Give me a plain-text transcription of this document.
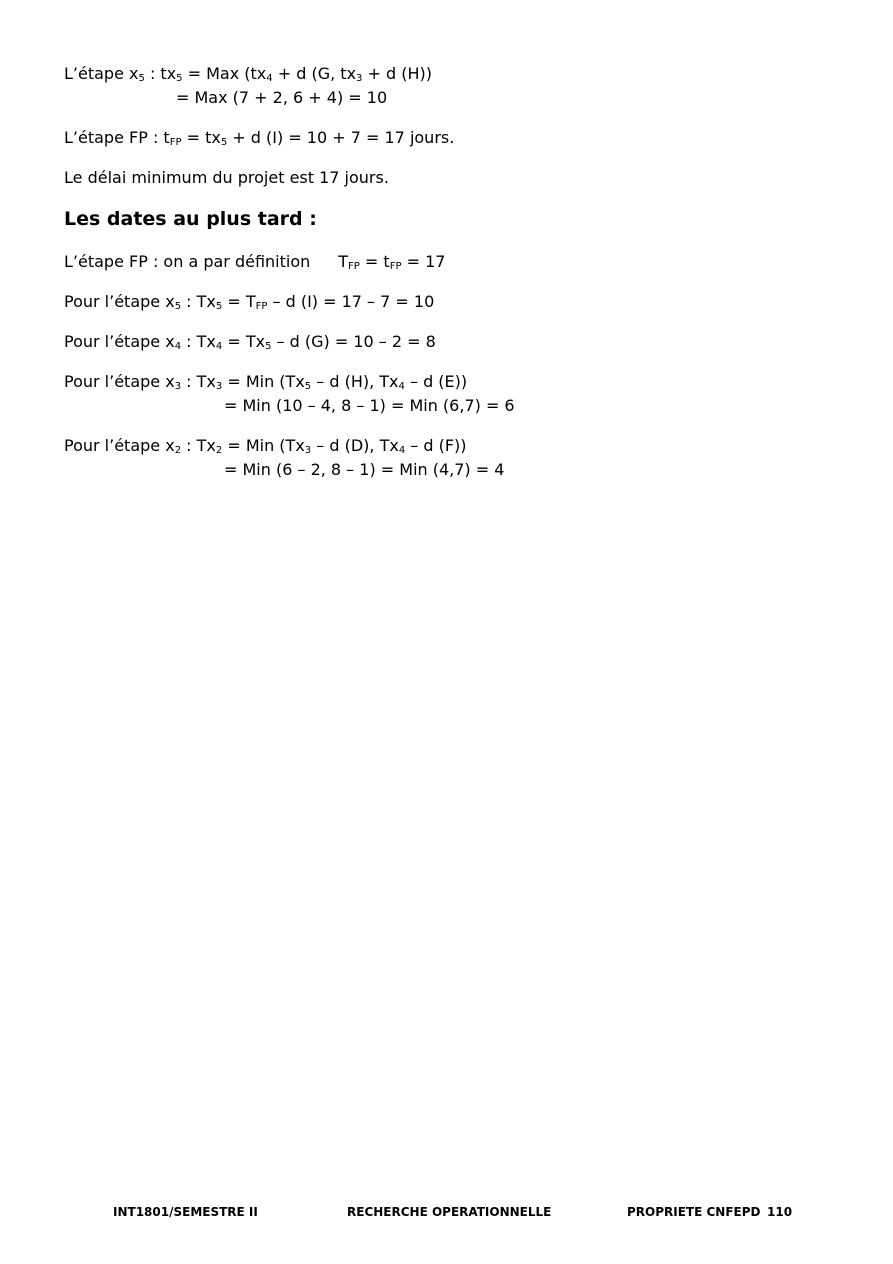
L’étape $x_5$ : $tx_5$ = Max ($tx_4 + d$ (G, $tx_3 + d$ (H))
= Max (7 + 2, 6 + 4) = 10
L’étape FP : $t_{FP} = tx_5 + d$ (I) = 10 + 7 = 17 jours.
Le délai minimum du projet est 17 jours.
Les dates au plus tard :
L’étape FP : on a par définition $T_{FP} = t_{FP} = 17$
Pour l’étape $x_5$ : $Tx_5 = T_{FP} - d$ (I) = 17 – 7 = 10
Pour l’étape $x_4$ : $Tx_4 = Tx_5 - d$ (G) = 10 – 2 = 8
Pour l’étape $x_3$ : $Tx_3$ = Min ($Tx_5$ – d (H), $Tx_4$ – d (E))
= Min (10 – 4, 8 – 1) = Min (6,7) = 6
Pour l’étape $x_2$ : $Tx_2$ = Min ($Tx_3$ – d (D), $Tx_4$ – d (F))
= Min (6 – 2, 8 – 1) = Min (4,7) = 4
INT1801/SEMESTRE II	RECHERCHE OPERATIONNELLE	PROPRIETE CNFEPD 110
